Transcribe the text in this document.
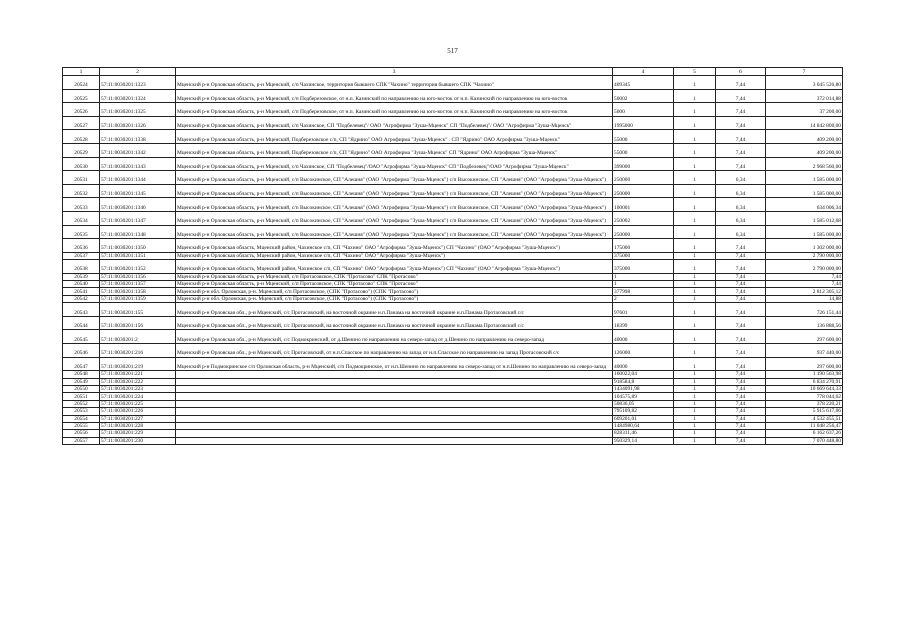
517
1	2	3	4	5	6	7
20524	57:11:0030201:1323	Мценский р-н Орловская область, р-н Мценский, с/п Чахинское, территория бывшего СПК "Чахино" территория бывшего СПК "Чахино"	409345	1	7,44	3 045 526,80
20525	57:11:0030201:1324	Мценский р-н Орловская область, р-н Мценский, с/п Подберезовское, от н.п. Казинский по направлению на юго-восток от н.п. Казинский по направлению на юго-восток	50002	1	7,44	372 014,88
20526	57:11:0030201:1325	Мценский р-н Орловская область, р-н Мценский, с/п Подберезовское, от н.п. Казинский по направлению на юго-восток от н.п. Казинский по направлению на юго-восток	5000	1	7,44	37 200,00
20527	57:11:0030201:1326	Мценский р-н Орловская область, р-н Мценский, с/п Чахинское, СП "Подбелевец"/ ОАО "Агрофирма "Зуша-Мценск" СП "Подбелевец"/ ОАО "Агрофирма "Зуша-Мценск"	1995000	1	7,44	14 842 800,00
20528	57:11:0030201:1338	Мценский р-н Орловская область, р-н Мценский, Подберезовское с/п, СП "Ядрино" ОАО Агрофирма "Зуша-Мценск" . СП "Ядрино" ОАО Агрофирма "Зуша-Мценск"	55000	1	7,44	409 200,00
20529	57:11:0030201:1342	Мценский р-н Орловская область, р-н Мценский, Подберезовское с/п, СП "Ядрино" ОАО Агрофирма "Зуша-Мценск" СП "Ядрино" ОАО Агрофирма "Зуша-Мценск"	55000	1	7,44	409 200,00
20530	57:11:0030201:1343	Мценский р-н Орловская область, р-н Мценский, с/п Чахинское, СП "Подбелевец"/ОАО "Агрофирма "Зуша-Мценск" СП "Подбелевец"/ОАО "Агрофирма "Зуша-Мценск"	399000	1	7,44	2 968 560,00
20531	57:11:0030201:1344	Мценский р-н Орловская область, р-н Мценский, с/п Высокинское, СП "Алешня" (ОАО "Агрофирма "Зуша-Мценск") с/п Высокинское, СП "Алешня" (ОАО "Агрофирма "Зуша-Мценск")	250000	1	6,34	1 585 000,00
20532	57:11:0030201:1345	Мценский р-н Орловская область, р-н Мценский, с/п Высокинское, СП "Алешня" (ОАО "Агрофирма "Зуша-Мценск") с/п Высокинское, СП "Алешня" (ОАО "Агрофирма "Зуша-Мценск")	250000	1	6,34	1 585 000,00
20533	57:11:0030201:1346	Мценский р-н Орловская область, р-н Мценский, с/п Высокинское, СП "Алешня" (ОАО "Агрофирма "Зуша-Мценск") с/п Высокинское, СП "Алешня" (ОАО "Агрофирма "Зуша-Мценск")	100001	1	6,34	634 006,34
20534	57:11:0030201:1347	Мценский р-н Орловская область, р-н Мценский, с/п Высокинское, СП "Алешня" (ОАО "Агрофирма "Зуша-Мценск") с/п Высокинское, СП "Алешня" (ОАО "Агрофирма "Зуша-Мценск")	250002	1	6,34	1 585 012,68
20535	57:11:0030201:1348	Мценский р-н Орловская область, р-н Мценский, с/п Высокинское, СП "Алешня" (ОАО "Агрофирма "Зуша-Мценск") с/п Высокинское, СП "Алешня" (ОАО "Агрофирма "Зуша-Мценск")	250000	1	6,34	1 585 000,00
20536	57:11:0030201:1350	Мценский р-н Орловская область, Мценский район, Чахинское с/п, СП "Чахино" ОАО "Агрофирма "Зуша-Мценск") СП "Чахино" (ОАО "Агрофирма "Зуша-Мценск")	175000	1	7,44	1 302 000,00
20537	57:11:0030201:1351	Мценский р-н Орловская область, Мценский район, Чахинское с/п, СП "Чахино" ОАО "Агрофирма "Зуша-Мценск")	375000	1	7,44	2 790 000,00
20538	57:11:0030201:1352	Мценский р-н Орловская область, Мценский район, Чахинское с/п, СП "Чахино" ОАО "Агрофирма "Зуша-Мценск") СП "Чахино" (ОАО "Агрофирма "Зуша-Мценск")	375000	1	7,44	2 790 000,00
20539	57:11:0030201:1356	Мценский р-н Орловская область, р-н Мценский, с/п Протасовское, СПК "Протасово" СПК "Протасово"	1	1	7,44	7,44
20540	57:11:0030201:1357	Мценский р-н Орловская область, р-н Мценский, с/п Протасовское, СПК "Протасово" СПК "Протасово"	1	1	7,44	7,44
20541	57:11:0030201:1358	Мценский р-н обл. Орловская, р-н. Мценский, с/п Протасовское, (СПК "Протасово") (СПК "Протасово")	377998	1	7,44	2 812 305,12
20542	57:11:0030201:1359	Мценский р-н обл. Орловская, р-н. Мценский, с/п Протасовское, (СПК "Протасово") (СПК "Протасово")	2	1	7,44	14,88
20543	57:11:0030201:155	Мценский р-н Орловская обл., р-н Мценский, с/с Протасовский, на восточной окраине н.п.Панама на восточной окраине н.п.Панама Протасовский с/с	97601	1	7,44	726 151,44
20544	57:11:0030201:156	Мценский р-н Орловская обл., р-н Мценский, с/с Протасовский, на восточной окраине н.п.Панама на восточной окраине н.п.Панама Протасовский с/с	18399	1	7,44	136 888,56
20545	57:11:0030201:2	Мценский р-н Орловская обл., р-н Мценский, с/с Подмокринский, от д.Шенино по направлению на северо-запад от д.Шенино по направлению на северо-запад	40000	1	7,44	297 600,00
20546	57:11:0030201:216	Мценский р-н Орловская обл., р-н Мценский, с/с Протасовский, от н.п.Спасское по направлению на запад от н.п.Спасское по направлению на запад Протасовский с/с	126000	1	7,44	937 440,00
20547	57:11:0030201:219	Мценский р-н Подмокринское с/п Орловская область, р-н Мценский, с/п Подмокринское, от н.п.Шенино по направлению на северо-запад от н.п.Шенино по направлению на северо-запад	40000	1	7,44	297 600,00
20548	57:11:0030201:221		160022,04	1	7,44	1 190 563,98
20549	57:11:0030201:222		918584,8	1	7,44	6 834 270,91
20550	57:11:0030201:223		1434091,98	1	7,44	10 669 644,33
20551	57:11:0030201:224		104575,89	1	7,44	778 044,62
20552	57:11:0030201:225		50836,05	1	7,44	378 220,21
20553	57:11:0030201:226		795109,82	1	7,44	5 915 617,06
20554	57:11:0030201:227		609201,01	1	7,44	4 532 455,51
20555	57:11:0030201:228		1484980,64	1	7,44	11 048 256,47
20556	57:11:0030201:229		828311,46	1	7,44	6 162 637,26
20557	57:11:0030201:230		950329,14	1	7,44	7 070 448,80
